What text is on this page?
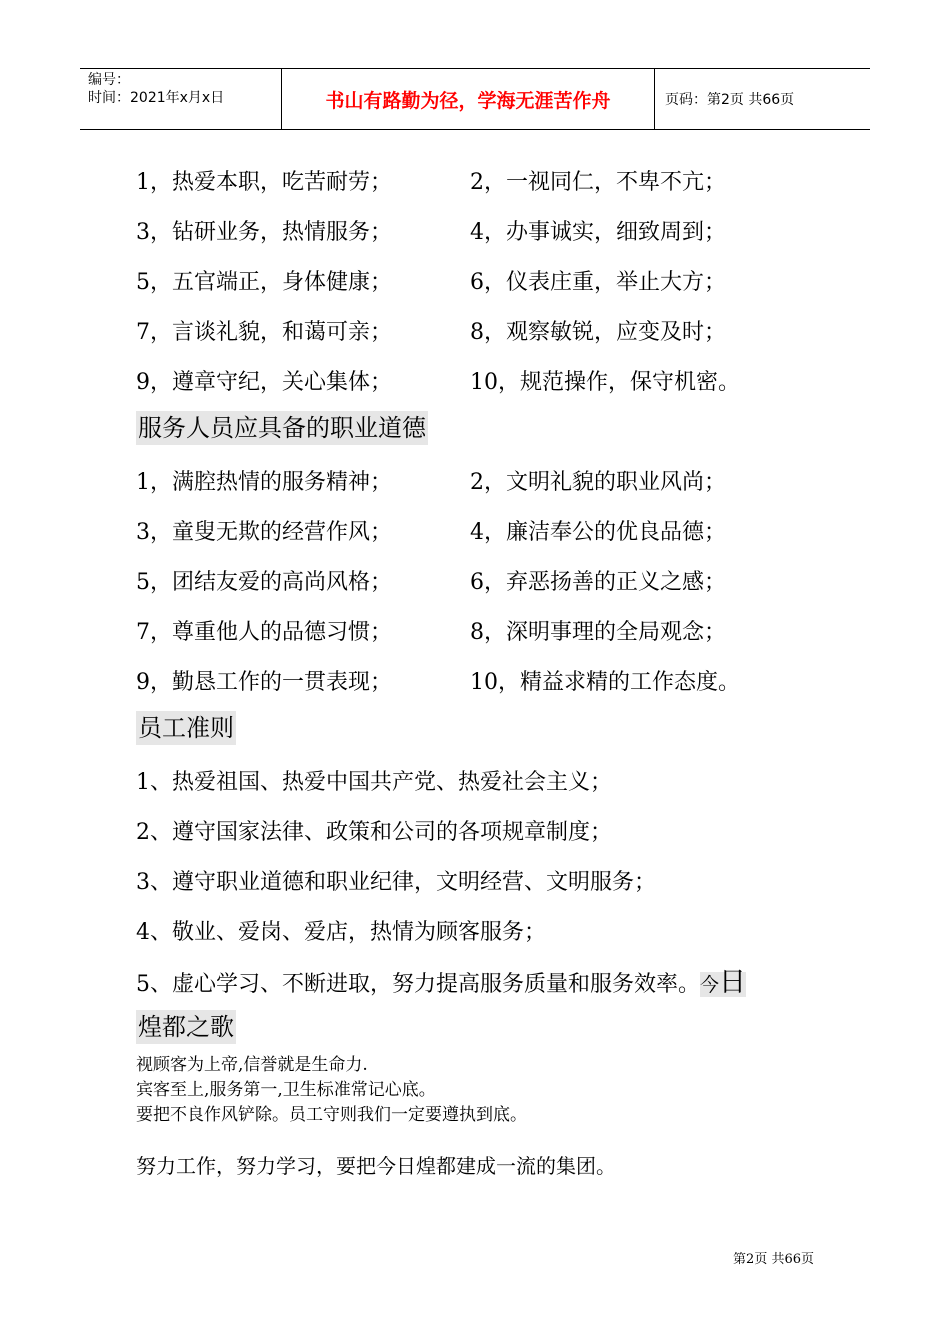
编号：
时间：2021年x月x日	书山有路勤为径，学海无涯苦作舟	页码：第2页 共66页
1，热爱本职，吃苦耐劳；	2，一视同仁，不卑不亢；
3，钻研业务，热情服务；	4，办事诚实，细致周到；
5，五官端正，身体健康；	6，仪表庄重，举止大方；
7，言谈礼貌，和蔼可亲；	8，观察敏锐，应变及时；
9，遵章守纪，关心集体；	10，规范操作，保守机密。
服务人员应具备的职业道德
1，满腔热情的服务精神；	2，文明礼貌的职业风尚；
3，童叟无欺的经营作风；	4，廉洁奉公的优良品德；
5，团结友爱的高尚风格；	6，弃恶扬善的正义之感；
7，尊重他人的品德习惯；	8，深明事理的全局观念；
9，勤恳工作的一贯表现；	10，精益求精的工作态度。
员工准则
1、热爱祖国、热爱中国共产党、热爱社会主义；
2、遵守国家法律、政策和公司的各项规章制度；
3、遵守职业道德和职业纪律，文明经营、文明服务；
4、敬业、爱岗、爱店，热情为顾客服务；
5、虚心学习、不断进取，努力提高服务质量和服务效率。今日
煌都之歌
视顾客为上帝,信誉就是生命力.
宾客至上,服务第一,卫生标准常记心底。
要把不良作风铲除。员工守则我们一定要遵执到底。
努力工作，努力学习，要把今日煌都建成一流的集团。
第2页 共66页
